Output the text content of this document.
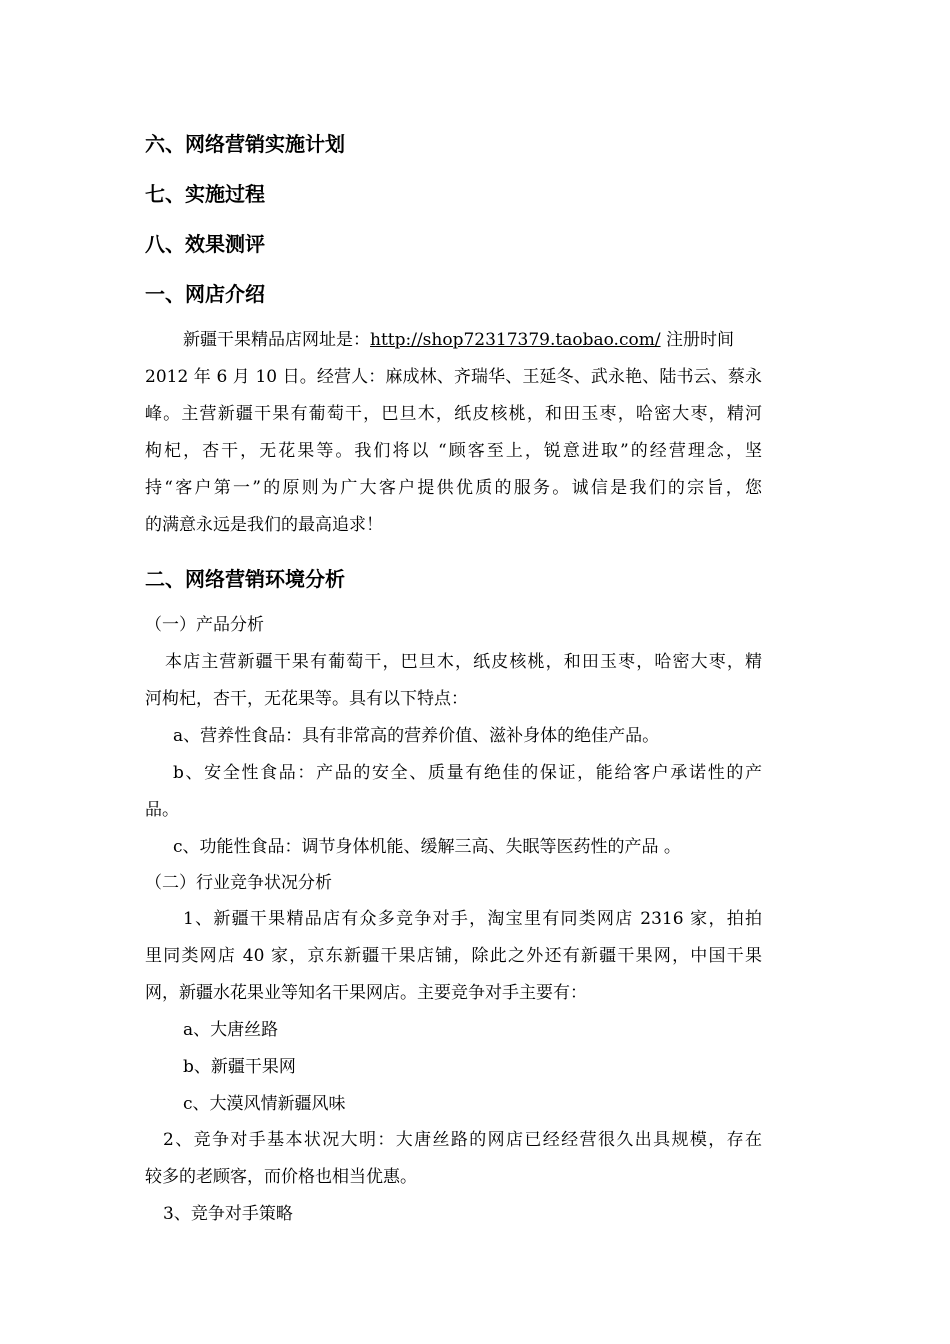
六、网络营销实施计划
七、实施过程
八、效果测评
一、网店介绍
新疆干果精品店网址是：http://shop72317379.taobao.com/ 注册时间
2012 年 6 月 10 日。经营人：麻成林、齐瑞华、王延冬、武永艳、陆书云、蔡永
峰。主营新疆干果有葡萄干，巴旦木，纸皮核桃，和田玉枣，哈密大枣，精河
枸杞，杏干，无花果等。我们将以 “顾客至上，锐意进取”的经营理念，坚
持“客户第一”的原则为广大客户提供优质的服务。诚信是我们的宗旨，您
的满意永远是我们的最高追求！
二、网络营销环境分析
（一）产品分析
本店主营新疆干果有葡萄干，巴旦木，纸皮核桃，和田玉枣，哈密大枣，精
河枸杞，杏干，无花果等。具有以下特点：
a、营养性食品：具有非常高的营养价值、滋补身体的绝佳产品。
b、安全性食品：产品的安全、质量有绝佳的保证，能给客户承诺性的产
品。
c、功能性食品：调节身体机能、缓解三高、失眠等医药性的产品 。
（二）行业竞争状况分析
1、新疆干果精品店有众多竞争对手，淘宝里有同类网店 2316 家，拍拍
里同类网店 40 家，京东新疆干果店铺，除此之外还有新疆干果网，中国干果
网，新疆水花果业等知名干果网店。主要竞争对手主要有：
a、大唐丝路
b、新疆干果网
c、大漠风情新疆风味
2、竞争对手基本状况大明：大唐丝路的网店已经经营很久出具规模，存在
较多的老顾客，而价格也相当优惠。
3、竞争对手策略
